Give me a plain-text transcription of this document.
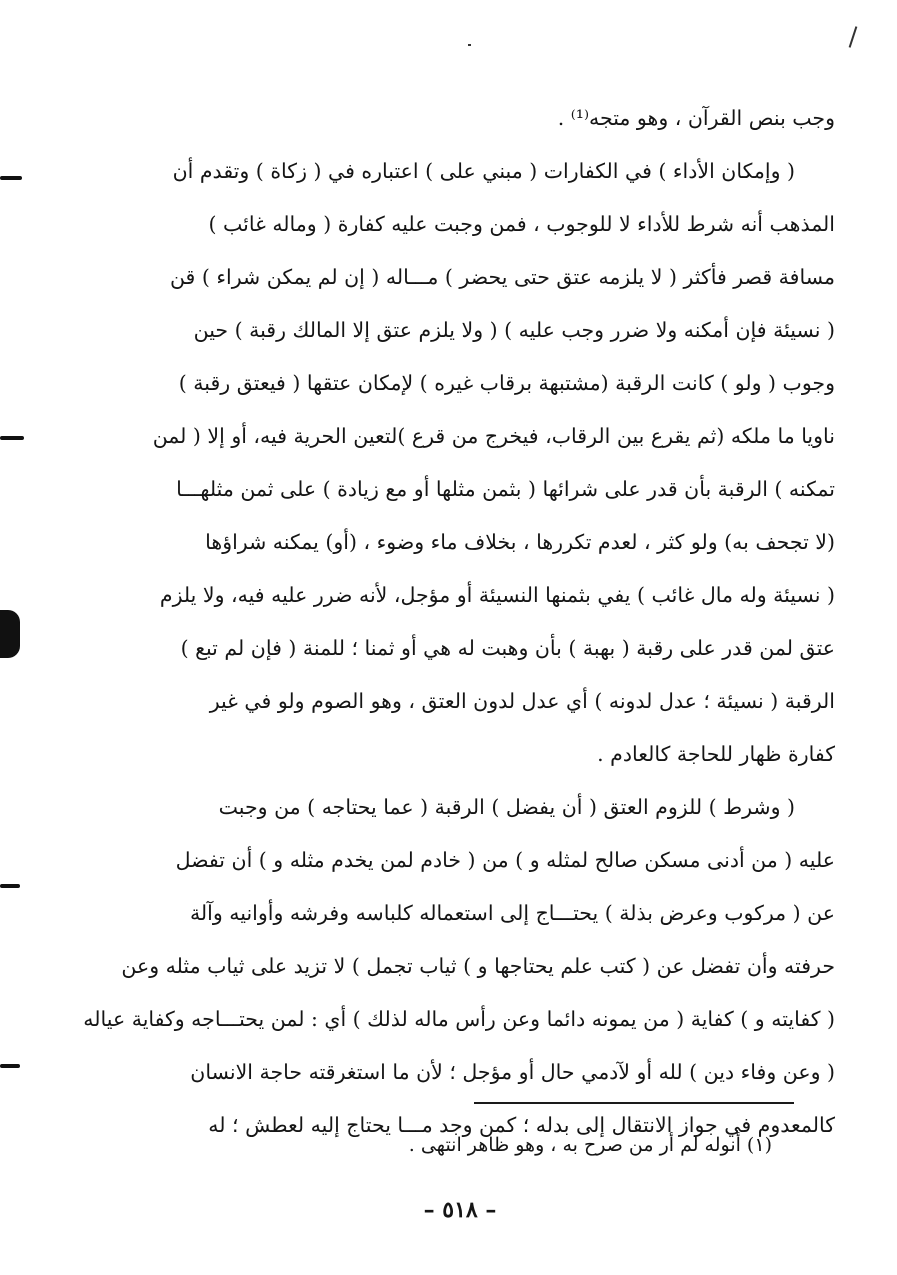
وجب بنص القرآن ، وهو متجه⁽¹⁾ .
( وإمكان الأداء ) في الكفارات ( مبني على ) اعتباره في ( زكاة ) وتقدم أن
المذهب أنه شرط للأداء لا للوجوب ، فمن وجبت عليه كفارة ( وماله غائب )
مسافة قصر فأكثر ( لا يلزمه عتق حتى يحضر ) مـــاله ( إن لم يمكن شراء ) قن
( نسيئة فإن أمكنه ولا ضرر وجب عليه ) ( ولا يلزم عتق إلا المالك رقبة ) حين
وجوب ( ولو ) كانت الرقبة (مشتبهة برقاب غيره ) لإمكان عتقها ( فيعتق رقبة )
ناويا ما ملكه (ثم يقرع بين الرقاب، فيخرج من قرع )لتعين الحرية فيه، أو إلا ( لمن
تمكنه ) الرقبة بأن قدر على شرائها ( بثمن مثلها أو مع زيادة ) على ثمن مثلهـــا
(لا تجحف به) ولو كثر ، لعدم تكررها ، بخلاف ماء وضوء ، (أو) يمكنه شراؤها
( نسيئة وله مال غائب ) يفي بثمنها النسيئة أو مؤجل، لأنه ضرر عليه فيه، ولا يلزم
عتق لمن قدر على رقبة ( بهبة ) بأن وهبت له هي أو ثمنا ؛ للمنة ( فإن لم تبع )
الرقبة ( نسيئة ؛ عدل لدونه ) أي عدل لدون العتق ، وهو الصوم ولو في غير
كفارة ظهار للحاجة كالعادم .
( وشرط ) للزوم العتق ( أن يفضل ) الرقبة ( عما يحتاجه ) من وجبت
عليه ( من أدنى مسكن صالح لمثله و ) من ( خادم لمن يخدم مثله و ) أن تفضل
عن ( مركوب وعرض بذلة ) يحتـــاج إلى استعماله كلباسه وفرشه وأوانيه وآلة
حرفته وأن تفضل عن ( كتب علم يحتاجها و ) ثياب تجمل ) لا تزيد على ثياب مثله وعن
( كفايته و ) كفاية ( من يمونه دائما وعن رأس ماله لذلك ) أي : لمن يحتـــاجه وكفاية عياله
( وعن وفاء دين ) لله أو لآدمي حال أو مؤجل ؛ لأن ما استغرقته حاجة الانسان
كالمعدوم في جواز الانتقال إلى بدله ؛ كمن وجد مـــا يحتاج إليه لعطش ؛ له
(١) أنوله لم أر من صرح به ، وهو ظاهر انتهى .
– ٥١٨ –
